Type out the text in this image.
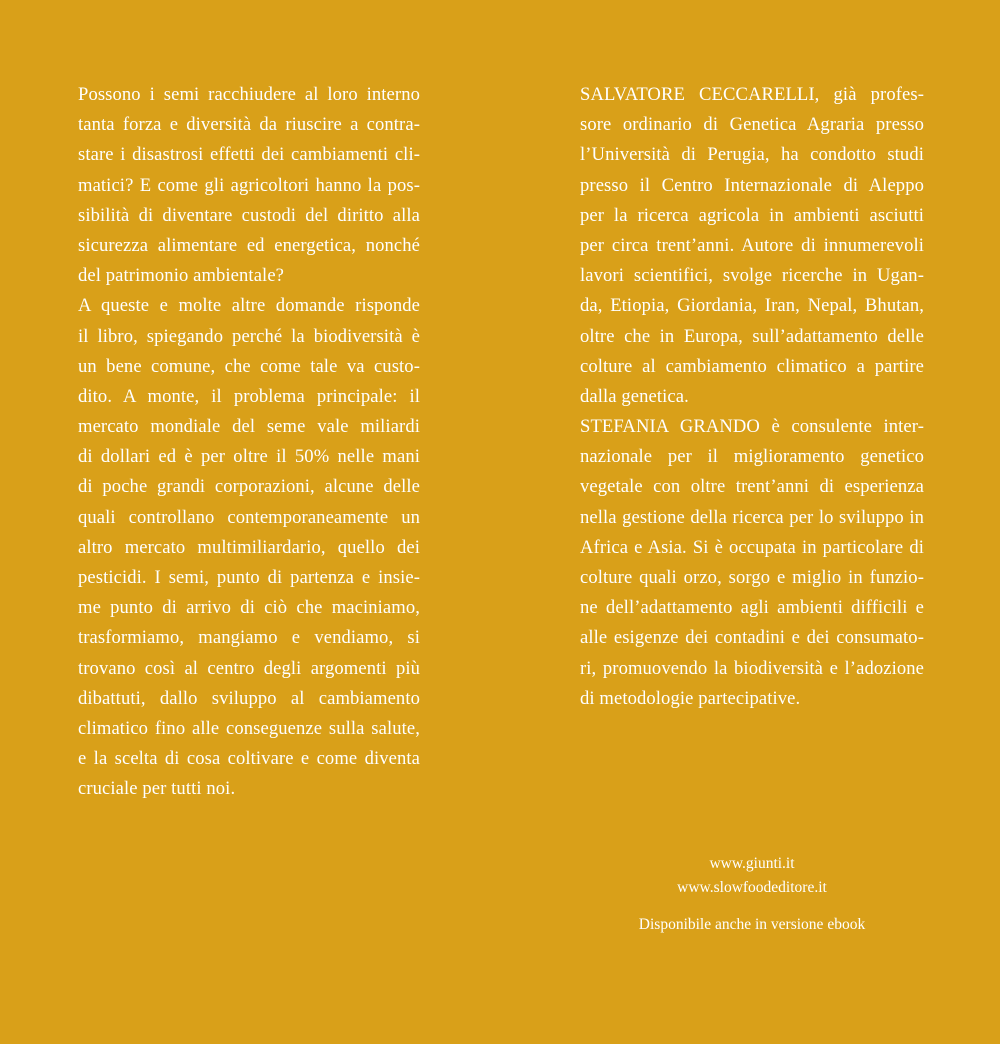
Possono i semi racchiudere al loro interno
tanta forza e diversità da riuscire a contra-
stare i disastrosi effetti dei cambiamenti cli-
matici? E come gli agricoltori hanno la pos-
sibilità di diventare custodi del diritto alla
sicurezza alimentare ed energetica, nonché
del patrimonio ambientale?
A queste e molte altre domande risponde
il libro, spiegando perché la biodiversità è
un bene comune, che come tale va custo-
dito. A monte, il problema principale: il
mercato mondiale del seme vale miliardi
di dollari ed è per oltre il 50% nelle mani
di poche grandi corporazioni, alcune delle
quali controllano contemporaneamente un
altro mercato multimiliardario, quello dei
pesticidi. I semi, punto di partenza e insie-
me punto di arrivo di ciò che maciniamo,
trasformiamo, mangiamo e vendiamo, si
trovano così al centro degli argomenti più
dibattuti, dallo sviluppo al cambiamento
climatico fino alle conseguenze sulla salute,
e la scelta di cosa coltivare e come diventa
cruciale per tutti noi.
SALVATORE CECCARELLI, già profes-
sore ordinario di Genetica Agraria presso
l’Università di Perugia, ha condotto studi
presso il Centro Internazionale di Aleppo
per la ricerca agricola in ambienti asciutti
per circa trent’anni. Autore di innumerevoli
lavori scientifici, svolge ricerche in Ugan-
da, Etiopia, Giordania, Iran, Nepal, Bhutan,
oltre che in Europa, sull’adattamento delle
colture al cambiamento climatico a partire
dalla genetica.
STEFANIA GRANDO è consulente inter-
nazionale per il miglioramento genetico
vegetale con oltre trent’anni di esperienza
nella gestione della ricerca per lo sviluppo in
Africa e Asia. Si è occupata in particolare di
colture quali orzo, sorgo e miglio in funzio-
ne dell’adattamento agli ambienti difficili e
alle esigenze dei contadini e dei consumato-
ri, promuovendo la biodiversità e l’adozione
di metodologie partecipative.
www.giunti.it
www.slowfoodeditore.it
Disponibile anche in versione ebook
